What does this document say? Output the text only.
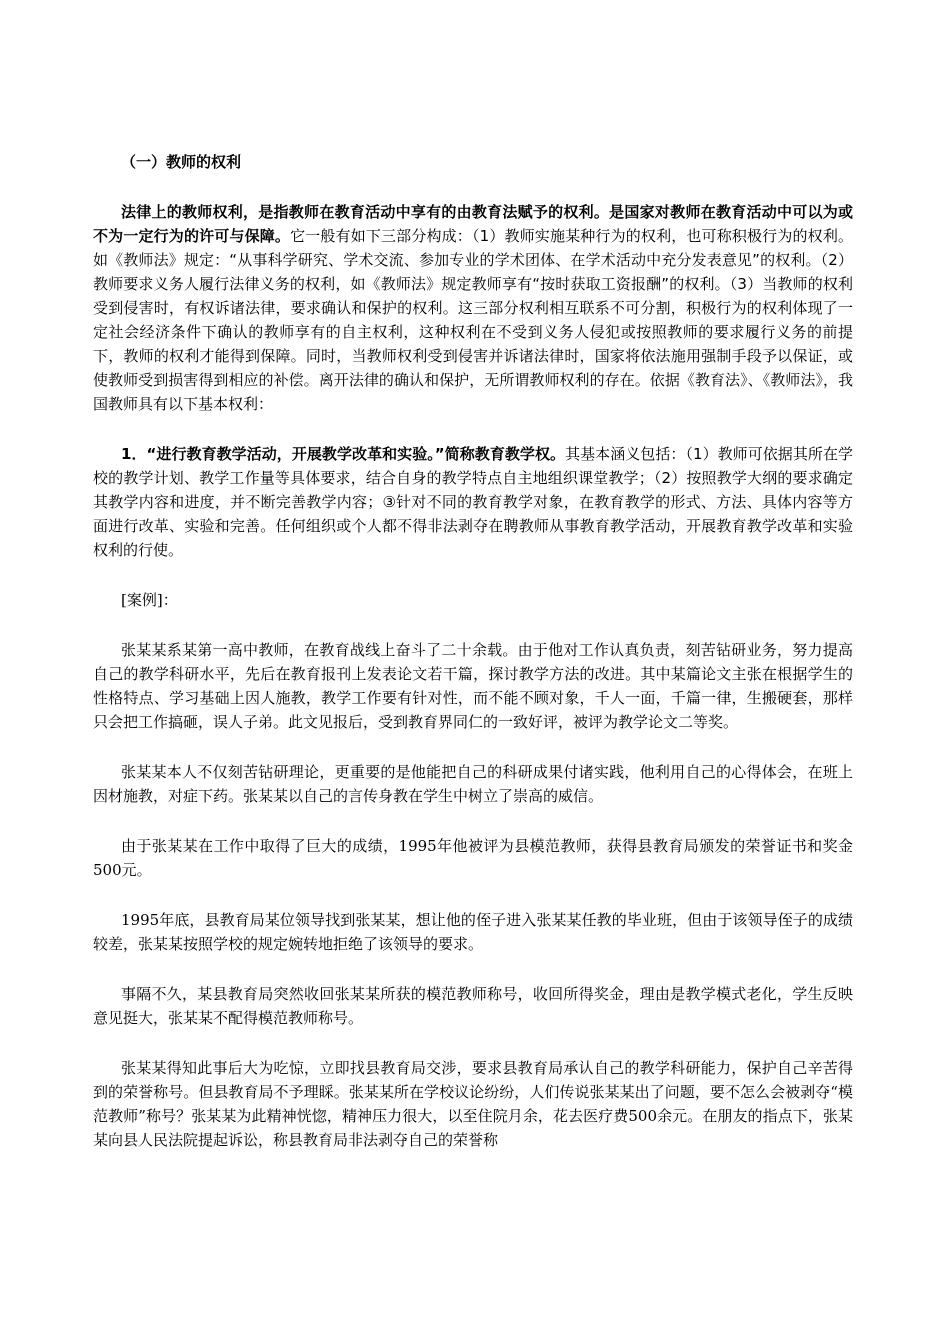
（一）教师的权利

法律上的教师权利，是指教师在教育活动中享有的由教育法赋予的权利。是国家对教师在教育活动中可以为或不为一定行为的许可与保障。它一般有如下三部分构成：（1）教师实施某种行为的权利，也可称积极行为的权利。如《教师法》规定：“从事科学研究、学术交流、参加专业的学术团体、在学术活动中充分发表意见”的权利。（2）教师要求义务人履行法律义务的权利，如《教师法》规定教师享有“按时获取工资报酬”的权利。（3）当教师的权利受到侵害时，有权诉诸法律，要求确认和保护的权利。这三部分权利相互联系不可分割，积极行为的权利体现了一定社会经济条件下确认的教师享有的自主权利，这种权利在不受到义务人侵犯或按照教师的要求履行义务的前提下，教师的权利才能得到保障。同时，当教师权利受到侵害并诉诸法律时，国家将依法施用强制手段予以保证，或使教师受到损害得到相应的补偿。离开法律的确认和保护，无所谓教师权利的存在。依据《教育法》、《教师法》，我国教师具有以下基本权利：

1．“进行教育教学活动，开展教学改革和实验。”简称教育教学权。其基本涵义包括：（1）教师可依据其所在学校的教学计划、教学工作量等具体要求，结合自身的教学特点自主地组织课堂教学；（2）按照教学大纲的要求确定其教学内容和进度，并不断完善教学内容；③针对不同的教育教学对象，在教育教学的形式、方法、具体内容等方面进行改革、实验和完善。任何组织或个人都不得非法剥夺在聘教师从事教育教学活动，开展教育教学改革和实验权利的行使。

[案例]：

张某某系某第一高中教师，在教育战线上奋斗了二十余载。由于他对工作认真负责，刻苦钻研业务，努力提高自己的教学科研水平，先后在教育报刊上发表论文若干篇，探讨教学方法的改进。其中某篇论文主张在根据学生的性格特点、学习基础上因人施教，教学工作要有针对性，而不能不顾对象，千人一面，千篇一律，生搬硬套，那样只会把工作搞砸，误人子弟。此文见报后，受到教育界同仁的一致好评，被评为教学论文二等奖。

张某某本人不仅刻苦钻研理论，更重要的是他能把自己的科研成果付诸实践，他利用自己的心得体会，在班上因材施教，对症下药。张某某以自己的言传身教在学生中树立了崇高的威信。

由于张某某在工作中取得了巨大的成绩，1995年他被评为县模范教师，获得县教育局颁发的荣誉证书和奖金500元。

1995年底，县教育局某位领导找到张某某，想让他的侄子进入张某某任教的毕业班，但由于该领导侄子的成绩较差，张某某按照学校的规定婉转地拒绝了该领导的要求。

事隔不久，某县教育局突然收回张某某所获的模范教师称号，收回所得奖金，理由是教学模式老化，学生反映意见挺大，张某某不配得模范教师称号。

张某某得知此事后大为吃惊，立即找县教育局交涉，要求县教育局承认自己的教学科研能力，保护自己辛苦得到的荣誉称号。但县教育局不予理睬。张某某所在学校议论纷纷，人们传说张某某出了问题，要不怎么会被剥夺“模范教师”称号？张某某为此精神恍惚，精神压力很大，以至住院月余，花去医疗费500余元。在朋友的指点下，张某某向县人民法院提起诉讼，称县教育局非法剥夺自己的荣誉称
